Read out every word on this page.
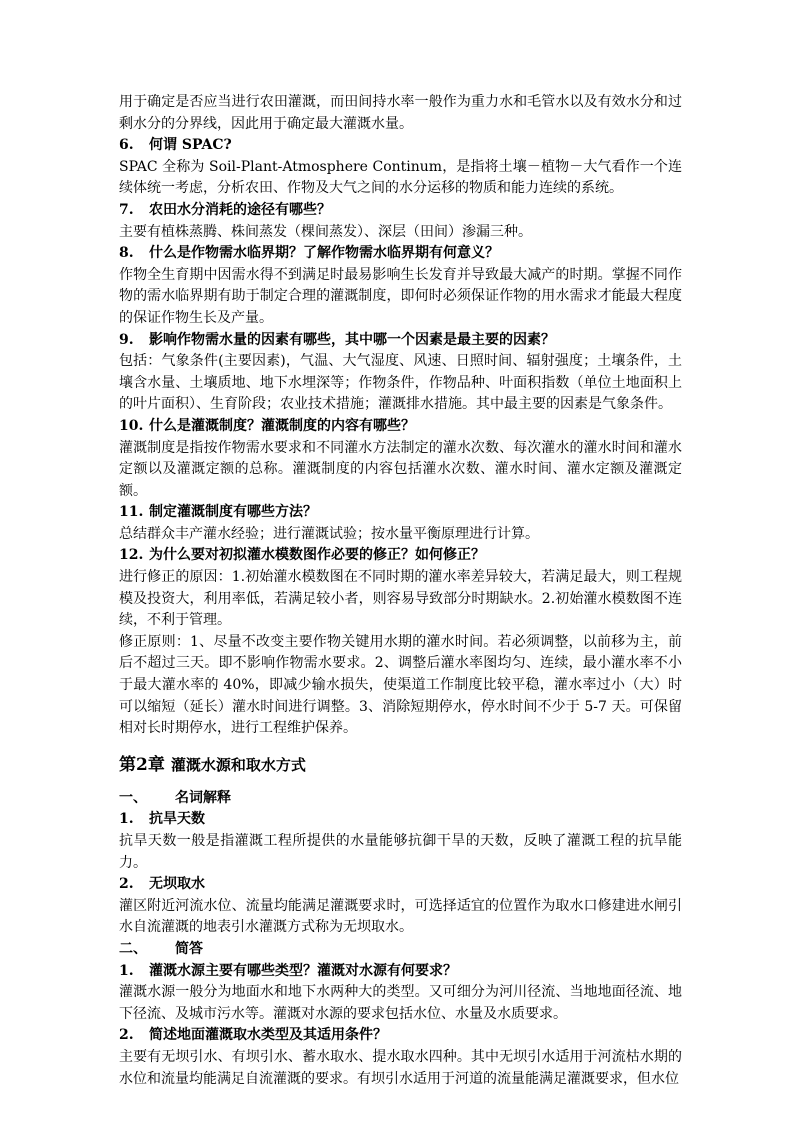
用于确定是否应当进行农田灌溉，而田间持水率一般作为重力水和毛管水以及有效水分和过剩水分的分界线，因此用于确定最大灌溉水量。

6. 何谓 SPAC?

SPAC 全称为 Soil-Plant-Atmosphere Continum，是指将土壤－植物－大气看作一个连续体统一考虑，分析农田、作物及大气之间的水分运移的物质和能力连续的系统。

7. 农田水分消耗的途径有哪些？

主要有植株蒸腾、株间蒸发（棵间蒸发）、深层（田间）渗漏三种。

8. 什么是作物需水临界期？了解作物需水临界期有何意义？

作物全生育期中因需水得不到满足时最易影响生长发育并导致最大减产的时期。掌握不同作物的需水临界期有助于制定合理的灌溉制度，即何时必须保证作物的用水需求才能最大程度的保证作物生长及产量。

9. 影响作物需水量的因素有哪些，其中哪一个因素是最主要的因素？

包括：气象条件(主要因素)，气温、大气湿度、风速、日照时间、辐射强度；土壤条件，土壤含水量、土壤质地、地下水埋深等；作物条件，作物品种、叶面积指数（单位土地面积上的叶片面积）、生育阶段；农业技术措施；灌溉排水措施。其中最主要的因素是气象条件。

10. 什么是灌溉制度？灌溉制度的内容有哪些？

灌溉制度是指按作物需水要求和不同灌水方法制定的灌水次数、每次灌水的灌水时间和灌水定额以及灌溉定额的总称。灌溉制度的内容包括灌水次数、灌水时间、灌水定额及灌溉定额。

11. 制定灌溉制度有哪些方法？

总结群众丰产灌水经验；进行灌溉试验；按水量平衡原理进行计算。

12. 为什么要对初拟灌水模数图作必要的修正？如何修正？

进行修正的原因：1.初始灌水模数图在不同时期的灌水率差异较大，若满足最大，则工程规模及投资大，利用率低，若满足较小者，则容易导致部分时期缺水。2.初始灌水模数图不连续，不利于管理。

修正原则：1、尽量不改变主要作物关键用水期的灌水时间。若必须调整，以前移为主，前后不超过三天。即不影响作物需水要求。2、调整后灌水率图均匀、连续，最小灌水率不小于最大灌水率的 40%，即减少输水损失，使渠道工作制度比较平稳，灌水率过小（大）时可以缩短（延长）灌水时间进行调整。3、消除短期停水，停水时间不少于 5-7 天。可保留相对长时期停水，进行工程维护保养。

第2章 灌溉水源和取水方式

一、 名词解释

1. 抗旱天数

抗旱天数一般是指灌溉工程所提供的水量能够抗御干旱的天数，反映了灌溉工程的抗旱能力。

2. 无坝取水

灌区附近河流水位、流量均能满足灌溉要求时，可选择适宜的位置作为取水口修建进水闸引水自流灌溉的地表引水灌溉方式称为无坝取水。

二、 简答

1. 灌溉水源主要有哪些类型？灌溉对水源有何要求？

灌溉水源一般分为地面水和地下水两种大的类型。又可细分为河川径流、当地地面径流、地下径流、及城市污水等。灌溉对水源的要求包括水位、水量及水质要求。

2. 简述地面灌溉取水类型及其适用条件？

主要有无坝引水、有坝引水、蓄水取水、提水取水四种。其中无坝引水适用于河流枯水期的水位和流量均能满足自流灌溉的要求。有坝引水适用于河道的流量能满足灌溉要求，但水位
